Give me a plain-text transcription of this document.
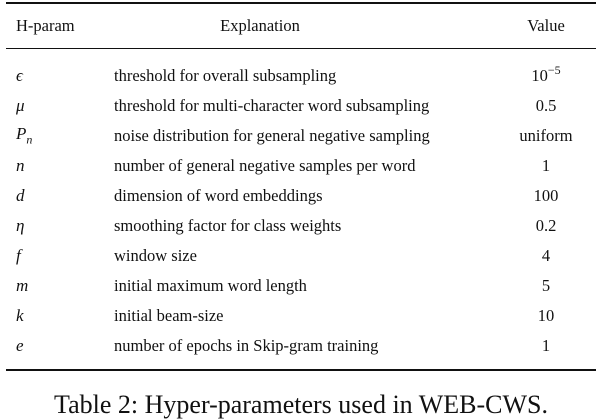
H-param	Explanation	Value
ϵ	threshold for overall subsampling	$10^{-5}$
μ	threshold for multi-character word subsampling	0.5
$P_n$	noise distribution for general negative sampling	uniform
n	number of general negative samples per word	1
d	dimension of word embeddings	100
η	smoothing factor for class weights	0.2
f	window size	4
m	initial maximum word length	5
k	initial beam-size	10
e	number of epochs in Skip-gram training	1
Table 2: Hyper-parameters used in WEB-CWS.
